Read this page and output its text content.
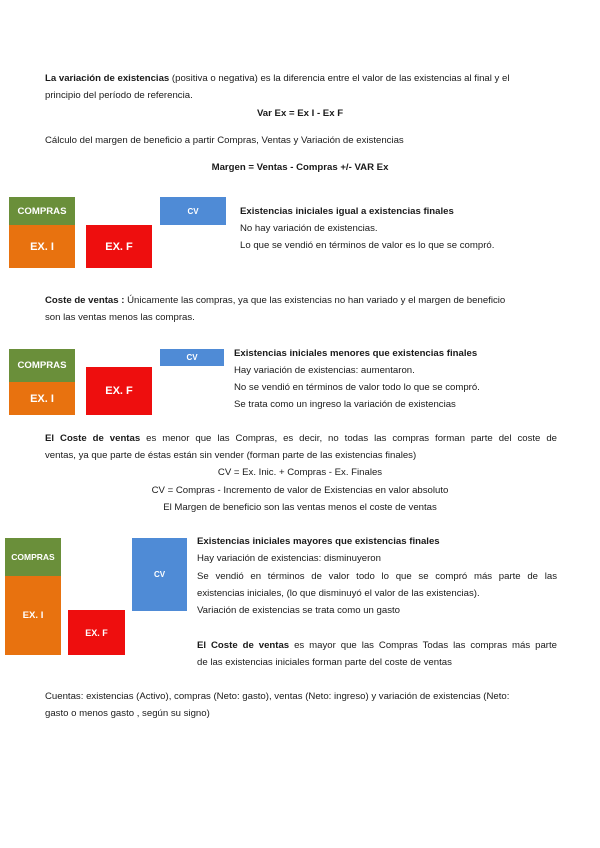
La variación de existencias (positiva o negativa) es la diferencia entre el valor de las existencias al final y el
principio del período de referencia.
Var Ex = Ex I - Ex F
Cálculo del margen de beneficio a partir Compras, Ventas y Variación de existencias
Margen = Ventas - Compras +/- VAR Ex
COMPRAS
EX. I	EX. F
CV	Existencias iniciales igual a existencias finales
No hay variación de existencias.
Lo que se vendió en términos de valor es lo que se compró.
Coste de ventas : Únicamente las compras, ya que las existencias no han variado y el margen de beneficio
son las ventas menos las compras.
COMPRAS
EX. I
EX. F
CV	Existencias iniciales menores que existencias finales
Hay variación de existencias: aumentaron.
No se vendió en términos de valor todo lo que se compró.
Se trata como un ingreso la variación de existencias
El Coste de ventas es menor que las Compras, es decir, no todas las compras forman parte del coste de
ventas, ya que parte de éstas están sin vender (forman parte de las existencias finales)
CV = Ex. Inic. + Compras - Ex. Finales
CV = Compras - Incremento de valor de Existencias en valor absoluto
El Margen de beneficio son las ventas menos el coste de ventas
COMPRAS
EX. I
EX. F
CV
Existencias iniciales mayores que existencias finales
Hay variación de existencias: disminuyeron
Se vendió en términos de valor todo lo que se compró más parte de las
existencias iniciales, (lo que disminuyó el valor de las existencias).
Variación de existencias se trata como un gasto
El Coste de ventas es mayor que las Compras Todas las compras más parte
de las existencias iniciales forman parte del coste de ventas
Cuentas: existencias (Activo), compras (Neto: gasto), ventas (Neto: ingreso) y variación de existencias (Neto:
gasto o menos gasto , según su signo)
